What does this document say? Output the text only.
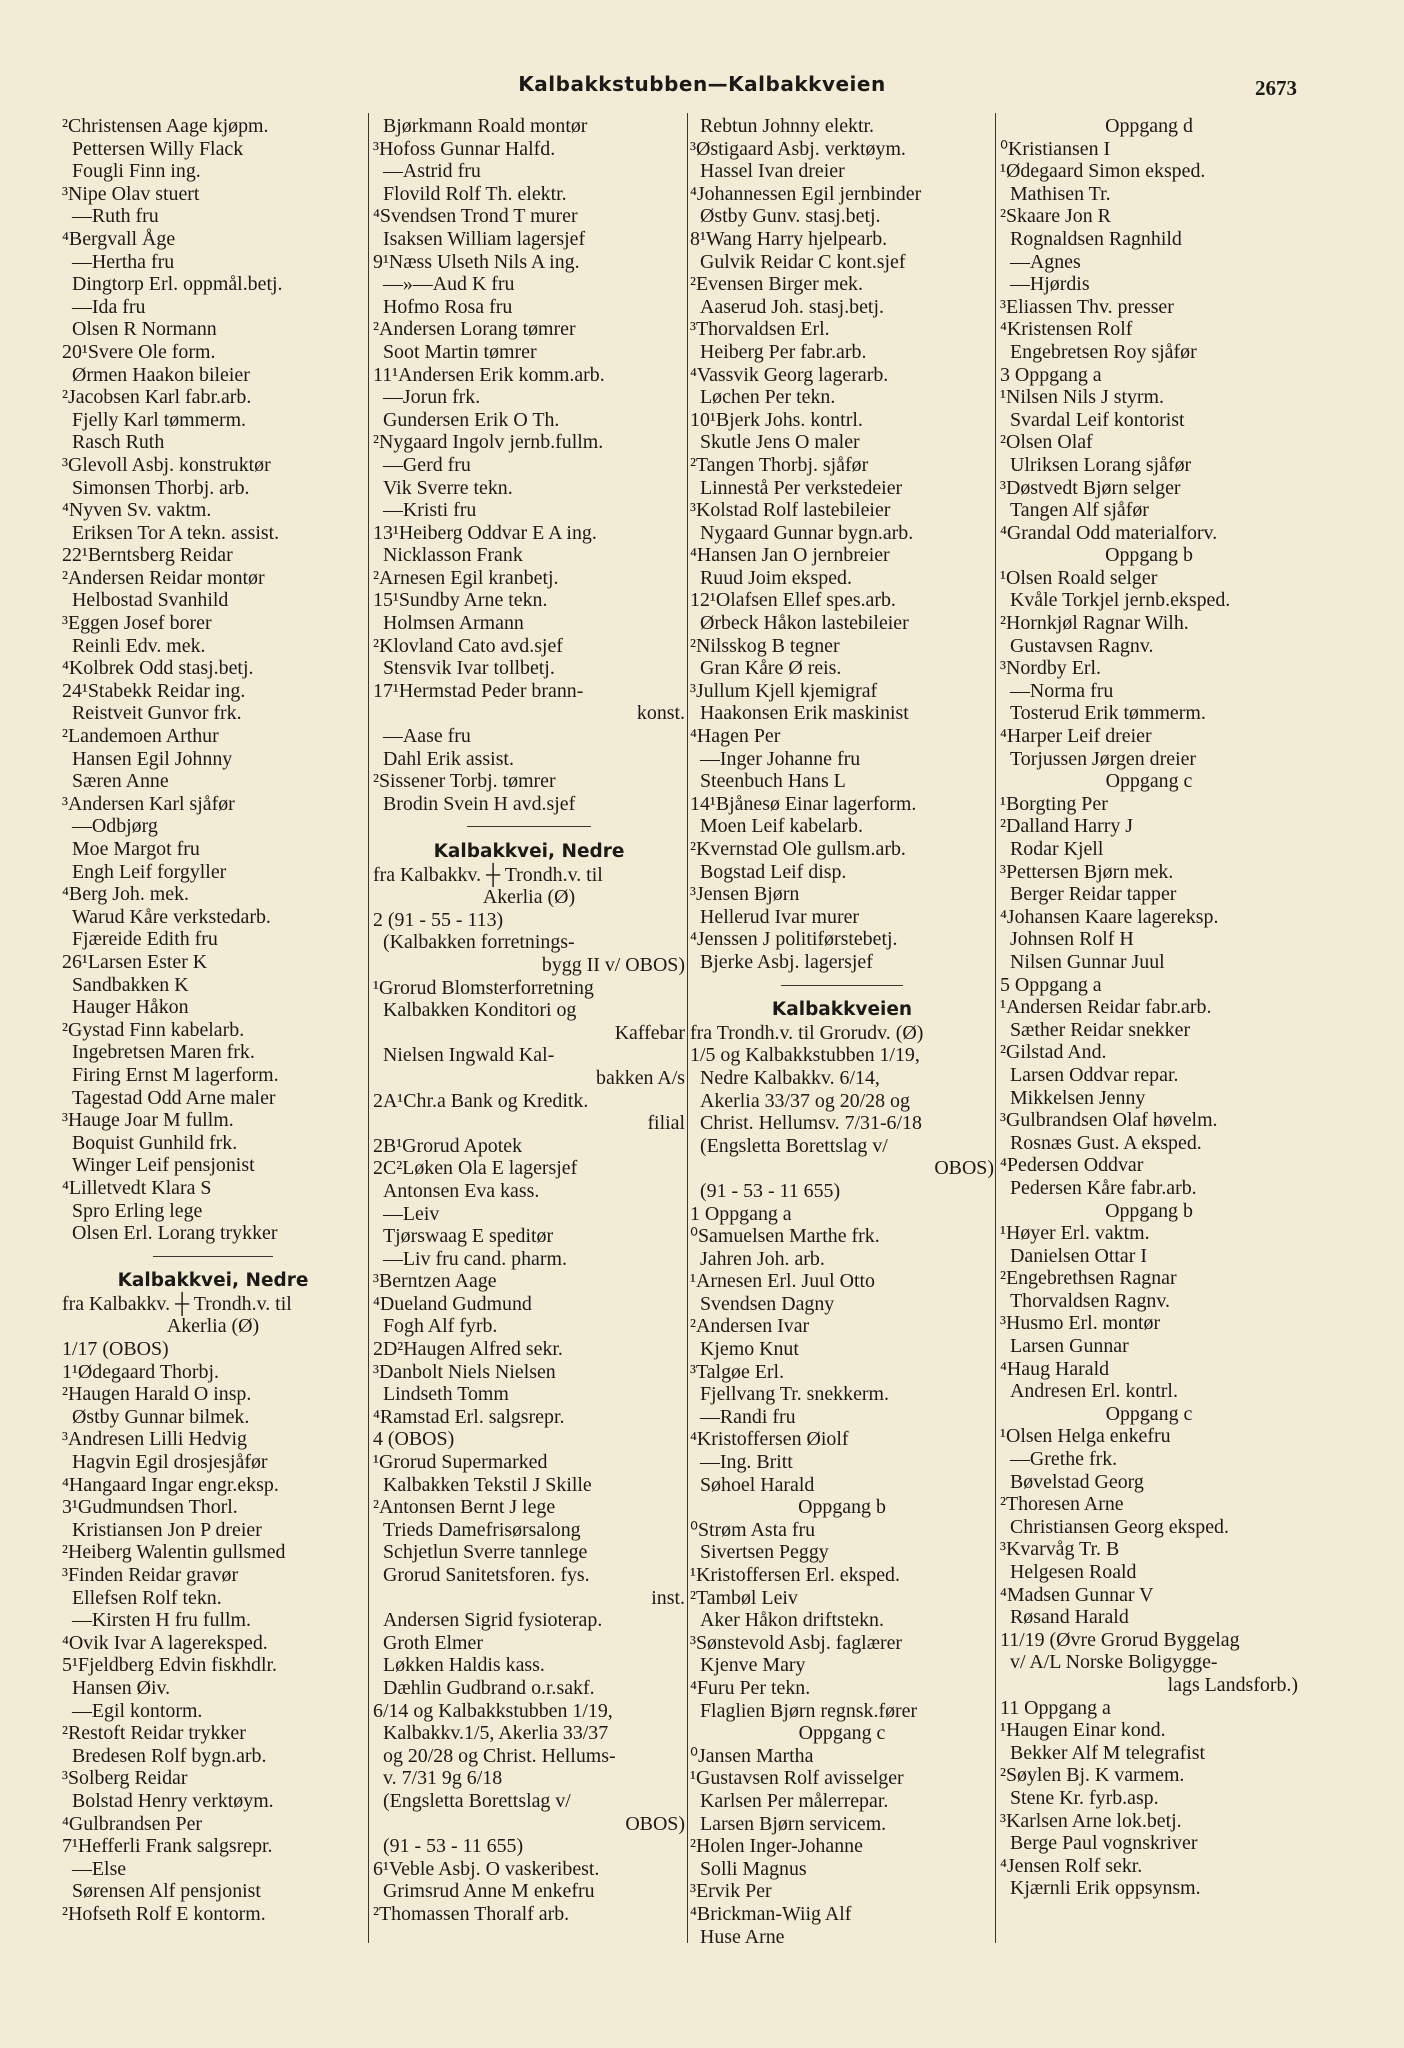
Kalbakkstubben—Kalbakkveien	2673
²Christensen Aage kjøpm.
Pettersen Willy Flack
Fougli Finn ing.
³Nipe Olav stuert
—Ruth fru
⁴Bergvall Åge
—Hertha fru
Dingtorp Erl. oppmål.betj.
—Ida fru
Olsen R Normann
20¹Svere Ole form.
Ørmen Haakon bileier
²Jacobsen Karl fabr.arb.
Fjelly Karl tømmerm.
Rasch Ruth
³Glevoll Asbj. konstruktør
Simonsen Thorbj. arb.
⁴Nyven Sv. vaktm.
Eriksen Tor A tekn. assist.
22¹Berntsberg Reidar
²Andersen Reidar montør
Helbostad Svanhild
³Eggen Josef borer
Reinli Edv. mek.
⁴Kolbrek Odd stasj.betj.
24¹Stabekk Reidar ing.
Reistveit Gunvor frk.
²Landemoen Arthur
Hansen Egil Johnny
Særen Anne
³Andersen Karl sjåfør
—Odbjørg
Moe Margot fru
Engh Leif forgyller
⁴Berg Joh. mek.
Warud Kåre verkstedarb.
Fjæreide Edith fru
26¹Larsen Ester K
Sandbakken K
Hauger Håkon
²Gystad Finn kabelarb.
Ingebretsen Maren frk.
Firing Ernst M lagerform.
Tagestad Odd Arne maler
³Hauge Joar M fullm.
Boquist Gunhild frk.
Winger Leif pensjonist
⁴Lilletvedt Klara S
Spro Erling lege
Olsen Erl. Lorang trykker
Kalbakkvei, Nedre
fra Kalbakkv. ┼ Trondh.v. til
Akerlia (Ø)
1/17 (OBOS)
1¹Ødegaard Thorbj.
²Haugen Harald O insp.
Østby Gunnar bilmek.
³Andresen Lilli Hedvig
Hagvin Egil drosjesjåfør
⁴Hangaard Ingar engr.eksp.
3¹Gudmundsen Thorl.
Kristiansen Jon P dreier
²Heiberg Walentin gullsmed
³Finden Reidar gravør
Ellefsen Rolf tekn.
—Kirsten H fru fullm.
⁴Ovik Ivar A lagereksped.
5¹Fjeldberg Edvin fiskhdlr.
Hansen Øiv.
—Egil kontorm.
²Restoft Reidar trykker
Bredesen Rolf bygn.arb.
³Solberg Reidar
Bolstad Henry verktøym.
⁴Gulbrandsen Per
7¹Hefferli Frank salgsrepr.
—Else
Sørensen Alf pensjonist
²Hofseth Rolf E kontorm.
Bjørkmann Roald montør
³Hofoss Gunnar Halfd.
—Astrid fru
Flovild Rolf Th. elektr.
⁴Svendsen Trond T murer
Isaksen William lagersjef
9¹Næss Ulseth Nils A ing.
—»—Aud K fru
Hofmo Rosa fru
²Andersen Lorang tømrer
Soot Martin tømrer
11¹Andersen Erik komm.arb.
—Jorun frk.
Gundersen Erik O Th.
²Nygaard Ingolv jernb.fullm.
—Gerd fru
Vik Sverre tekn.
—Kristi fru
13¹Heiberg Oddvar E A ing.
Nicklasson Frank
²Arnesen Egil kranbetj.
15¹Sundby Arne tekn.
Holmsen Armann
²Klovland Cato avd.sjef
Stensvik Ivar tollbetj.
17¹Hermstad Peder brann-
konst.
—Aase fru
Dahl Erik assist.
²Sissener Torbj. tømrer
Brodin Svein H avd.sjef
Kalbakkvei, Nedre
fra Kalbakkv. ┼ Trondh.v. til
Akerlia (Ø)
2 (91 - 55 - 113)
(Kalbakken forretnings-
bygg II v/ OBOS)
¹Grorud Blomsterforretning
Kalbakken Konditori og
Kaffebar
Nielsen Ingwald Kal-
bakken A/s
2A¹Chr.a Bank og Kreditk.
filial
2B¹Grorud Apotek
2C²Løken Ola E lagersjef
Antonsen Eva kass.
—Leiv
Tjørswaag E speditør
—Liv fru cand. pharm.
³Berntzen Aage
⁴Dueland Gudmund
Fogh Alf fyrb.
2D²Haugen Alfred sekr.
³Danbolt Niels Nielsen
Lindseth Tomm
⁴Ramstad Erl. salgsrepr.
4 (OBOS)
¹Grorud Supermarked
Kalbakken Tekstil J Skille
²Antonsen Bernt J lege
Trieds Damefrisørsalong
Schjetlun Sverre tannlege
Grorud Sanitetsforen. fys.
inst.
Andersen Sigrid fysioterap.
Groth Elmer
Løkken Haldis kass.
Dæhlin Gudbrand o.r.sakf.
6/14 og Kalbakkstubben 1/19,
Kalbakkv.1/5, Akerlia 33/37
og 20/28 og Christ. Hellums-
v. 7/31 9g 6/18
(Engsletta Borettslag v/
OBOS)
(91 - 53 - 11 655)
6¹Veble Asbj. O vaskeribest.
Grimsrud Anne M enkefru
²Thomassen Thoralf arb.
Rebtun Johnny elektr.
³Østigaard Asbj. verktøym.
Hassel Ivan dreier
⁴Johannessen Egil jernbinder
Østby Gunv. stasj.betj.
8¹Wang Harry hjelpearb.
Gulvik Reidar C kont.sjef
²Evensen Birger mek.
Aaserud Joh. stasj.betj.
³Thorvaldsen Erl.
Heiberg Per fabr.arb.
⁴Vassvik Georg lagerarb.
Løchen Per tekn.
10¹Bjerk Johs. kontrl.
Skutle Jens O maler
²Tangen Thorbj. sjåfør
Linnestå Per verkstedeier
³Kolstad Rolf lastebileier
Nygaard Gunnar bygn.arb.
⁴Hansen Jan O jernbreier
Ruud Joim eksped.
12¹Olafsen Ellef spes.arb.
Ørbeck Håkon lastebileier
²Nilsskog B tegner
Gran Kåre Ø reis.
³Jullum Kjell kjemigraf
Haakonsen Erik maskinist
⁴Hagen Per
—Inger Johanne fru
Steenbuch Hans L
14¹Bjånesø Einar lagerform.
Moen Leif kabelarb.
²Kvernstad Ole gullsm.arb.
Bogstad Leif disp.
³Jensen Bjørn
Hellerud Ivar murer
⁴Jenssen J politiførstebetj.
Bjerke Asbj. lagersjef
Kalbakkveien
fra Trondh.v. til Grorudv. (Ø)
1/5 og Kalbakkstubben 1/19,
Nedre Kalbakkv. 6/14,
Akerlia 33/37 og 20/28 og
Christ. Hellumsv. 7/31-6/18
(Engsletta Borettslag v/
OBOS)
(91 - 53 - 11 655)
1 Oppgang a
⁰Samuelsen Marthe frk.
Jahren Joh. arb.
¹Arnesen Erl. Juul Otto
Svendsen Dagny
²Andersen Ivar
Kjemo Knut
³Talgøe Erl.
Fjellvang Tr. snekkerm.
—Randi fru
⁴Kristoffersen Øiolf
—Ing. Britt
Søhoel Harald
Oppgang b
⁰Strøm Asta fru
Sivertsen Peggy
¹Kristoffersen Erl. eksped.
²Tambøl Leiv
Aker Håkon driftstekn.
³Sønstevold Asbj. faglærer
Kjenve Mary
⁴Furu Per tekn.
Flaglien Bjørn regnsk.fører
Oppgang c
⁰Jansen Martha
¹Gustavsen Rolf avisselger
Karlsen Per målerrepar.
Larsen Bjørn servicem.
²Holen Inger-Johanne
Solli Magnus
³Ervik Per
⁴Brickman-Wiig Alf
Huse Arne
Oppgang d
⁰Kristiansen I
¹Ødegaard Simon eksped.
Mathisen Tr.
²Skaare Jon R
Rognaldsen Ragnhild
—Agnes
—Hjørdis
³Eliassen Thv. presser
⁴Kristensen Rolf
Engebretsen Roy sjåfør
3 Oppgang a
¹Nilsen Nils J styrm.
Svardal Leif kontorist
²Olsen Olaf
Ulriksen Lorang sjåfør
³Døstvedt Bjørn selger
Tangen Alf sjåfør
⁴Grandal Odd materialforv.
Oppgang b
¹Olsen Roald selger
Kvåle Torkjel jernb.eksped.
²Hornkjøl Ragnar Wilh.
Gustavsen Ragnv.
³Nordby Erl.
—Norma fru
Tosterud Erik tømmerm.
⁴Harper Leif dreier
Torjussen Jørgen dreier
Oppgang c
¹Borgting Per
²Dalland Harry J
Rodar Kjell
³Pettersen Bjørn mek.
Berger Reidar tapper
⁴Johansen Kaare lagereksp.
Johnsen Rolf H
Nilsen Gunnar Juul
5 Oppgang a
¹Andersen Reidar fabr.arb.
Sæther Reidar snekker
²Gilstad And.
Larsen Oddvar repar.
Mikkelsen Jenny
³Gulbrandsen Olaf høvelm.
Rosnæs Gust. A eksped.
⁴Pedersen Oddvar
Pedersen Kåre fabr.arb.
Oppgang b
¹Høyer Erl. vaktm.
Danielsen Ottar I
²Engebrethsen Ragnar
Thorvaldsen Ragnv.
³Husmo Erl. montør
Larsen Gunnar
⁴Haug Harald
Andresen Erl. kontrl.
Oppgang c
¹Olsen Helga enkefru
—Grethe frk.
Bøvelstad Georg
²Thoresen Arne
Christiansen Georg eksped.
³Kvarvåg Tr. B
Helgesen Roald
⁴Madsen Gunnar V
Røsand Harald
11/19 (Øvre Grorud Byggelag
v/ A/L Norske Boligygge-
lags Landsforb.)
11 Oppgang a
¹Haugen Einar kond.
Bekker Alf M telegrafist
²Søylen Bj. K varmem.
Stene Kr. fyrb.asp.
³Karlsen Arne lok.betj.
Berge Paul vognskriver
⁴Jensen Rolf sekr.
Kjærnli Erik oppsynsm.
